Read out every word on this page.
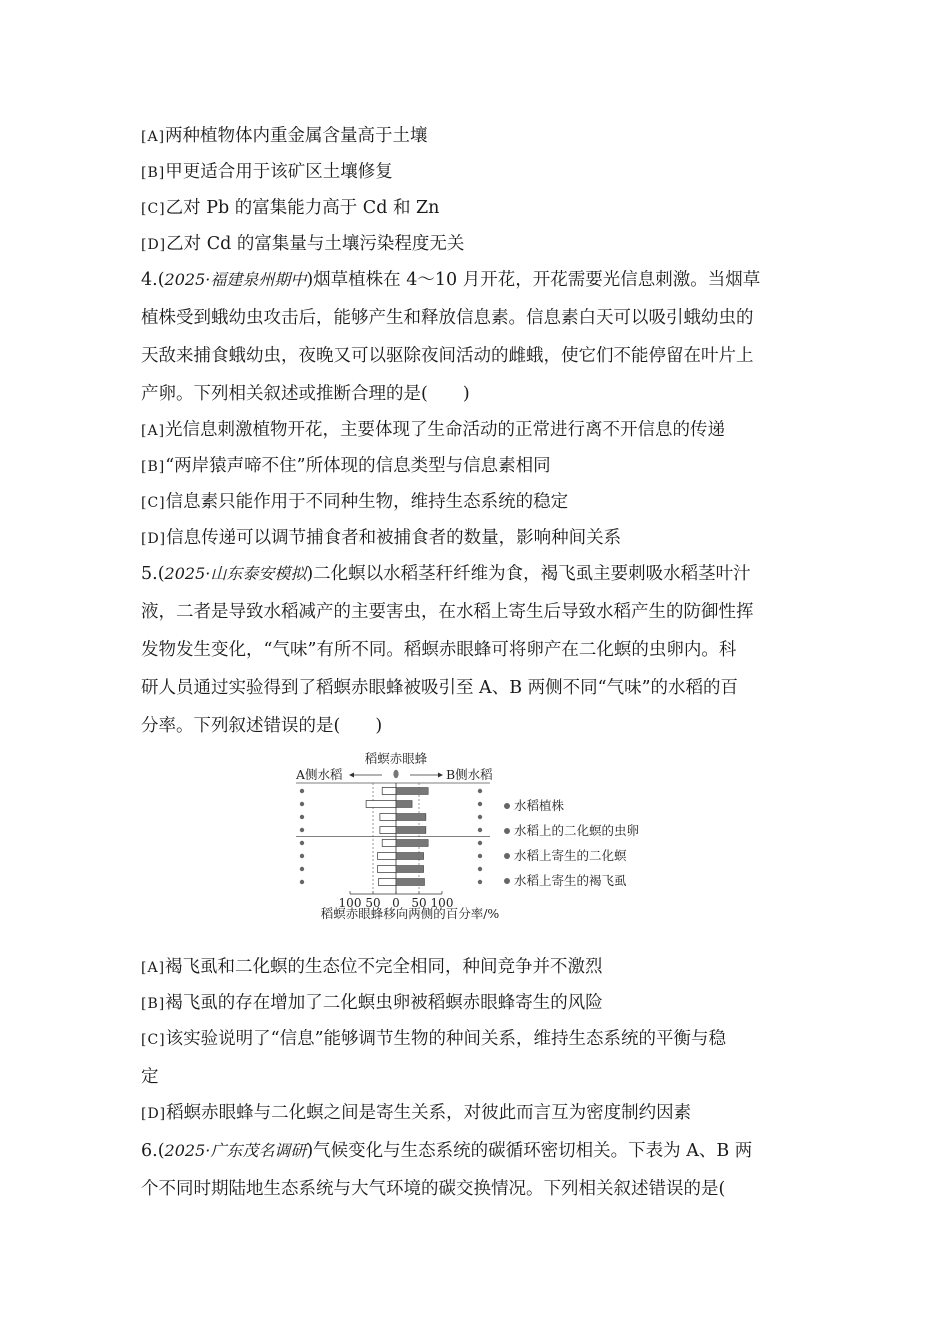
[A]两种植物体内重金属含量高于土壤
[B]甲更适合用于该矿区土壤修复
[C]乙对 Pb 的富集能力高于 Cd 和 Zn
[D]乙对 Cd 的富集量与土壤污染程度无关
4.(2025·福建泉州期中)烟草植株在 4～10 月开花，开花需要光信息刺激。当烟草
植株受到蛾幼虫攻击后，能够产生和释放信息素。信息素白天可以吸引蛾幼虫的
天敌来捕食蛾幼虫，夜晚又可以驱除夜间活动的雌蛾，使它们不能停留在叶片上
产卵。下列相关叙述或推断合理的是(　　)
[A]光信息刺激植物开花，主要体现了生命活动的正常进行离不开信息的传递
[B]“两岸猿声啼不住”所体现的信息类型与信息素相同
[C]信息素只能作用于不同种生物，维持生态系统的稳定
[D]信息传递可以调节捕食者和被捕食者的数量，影响种间关系
5.(2025·山东泰安模拟)二化螟以水稻茎秆纤维为食，褐飞虱主要刺吸水稻茎叶汁
液，二者是导致水稻减产的主要害虫，在水稻上寄生后导致水稻产生的防御性挥
发物发生变化，“气味”有所不同。稻螟赤眼蜂可将卵产在二化螟的虫卵内。科
研人员通过实验得到了稻螟赤眼蜂被吸引至 A、B 两侧不同“气味”的水稻的百
分率。下列叙述错误的是(　　)
稻螟赤眼蜂
A侧水稻	B侧水稻
100 50 0 50 100
水稻植株
水稻上的二化螟的虫卵
水稻上寄生的二化螟
水稻上寄生的褐飞虱
稻螟赤眼蜂移向两侧的百分率/%
[A]褐飞虱和二化螟的生态位不完全相同，种间竞争并不激烈
[B]褐飞虱的存在增加了二化螟虫卵被稻螟赤眼蜂寄生的风险
[C]该实验说明了“信息”能够调节生物的种间关系，维持生态系统的平衡与稳
定
[D]稻螟赤眼蜂与二化螟之间是寄生关系，对彼此而言互为密度制约因素
6.(2025·广东茂名调研)气候变化与生态系统的碳循环密切相关。下表为 A、B 两
个不同时期陆地生态系统与大气环境的碳交换情况。下列相关叙述错误的是(
